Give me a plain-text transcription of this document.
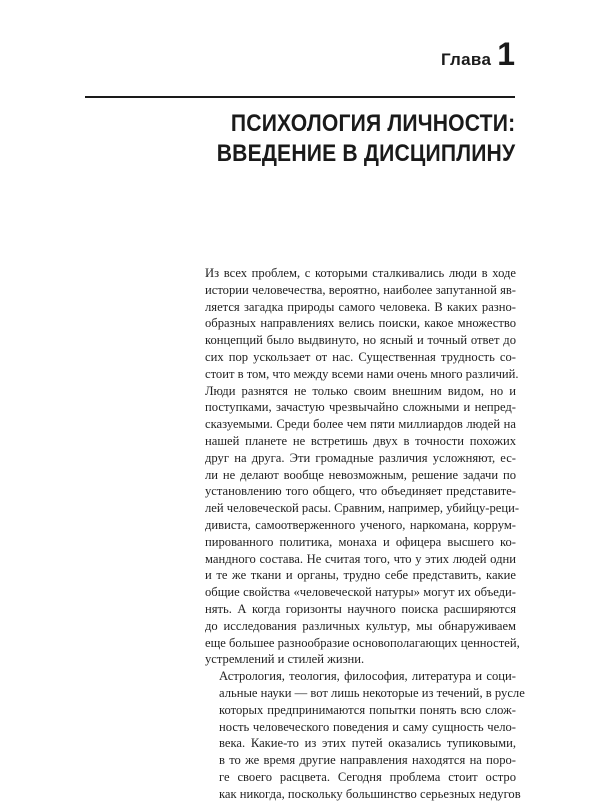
Глава 1
ПСИХОЛОГИЯ ЛИЧНОСТИ:
ВВЕДЕНИЕ В ДИСЦИПЛИНУ
Из всех проблем, с которыми сталкивались люди в ходе
истории человечества, вероятно, наиболее запутанной яв-
ляется загадка природы самого человека. В каких разно-
образных направлениях велись поиски, какое множество
концепций было выдвинуто, но ясный и точный ответ до
сих пор ускользает от нас. Существенная трудность со-
стоит в том, что между всеми нами очень много различий.
Люди разнятся не только своим внешним видом, но и
поступками, зачастую чрезвычайно сложными и непред-
сказуемыми. Среди более чем пяти миллиардов людей на
нашей планете не встретишь двух в точности похожих
друг на друга. Эти громадные различия усложняют, ес-
ли не делают вообще невозможным, решение задачи по
установлению того общего, что объединяет представите-
лей человеческой расы. Сравним, например, убийцу-реци-
дивиста, самоотверженного ученого, наркомана, коррум-
пированного политика, монаха и офицера высшего ко-
мандного состава. Не считая того, что у этих людей одни
и те же ткани и органы, трудно себе представить, какие
общие свойства «человеческой натуры» могут их объеди-
нять. А когда горизонты научного поиска расширяются
до исследования различных культур, мы обнаруживаем
еще большее разнообразие основополагающих ценностей,
устремлений и стилей жизни.
Астрология, теология, философия, литература и соци-
альные науки — вот лишь некоторые из течений, в русле
которых предпринимаются попытки понять всю слож-
ность человеческого поведения и саму сущность чело-
века. Какие-то из этих путей оказались тупиковыми,
в то же время другие направления находятся на поро-
ге своего расцвета. Сегодня проблема стоит остро
как никогда, поскольку большинство серьезных недугов
